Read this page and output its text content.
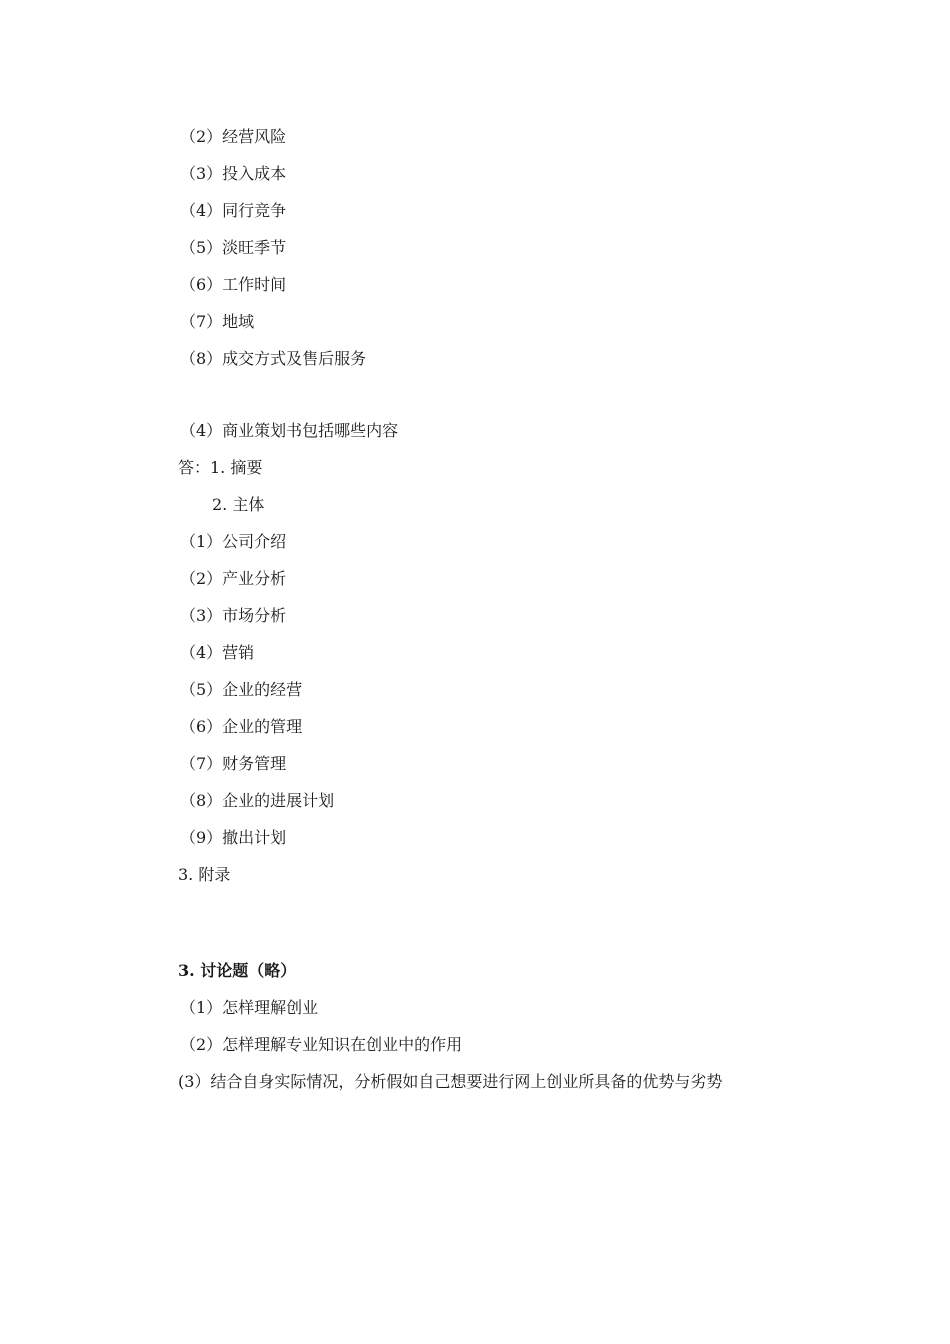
（2）经营风险
（3）投入成本
（4）同行竞争
（5）淡旺季节
（6）工作时间
（7）地域
（8）成交方式及售后服务
（4）商业策划书包括哪些内容
答：1. 摘要
2. 主体
（1）公司介绍
（2）产业分析
（3）市场分析
（4）营销
（5）企业的经营
（6）企业的管理
（7）财务管理
（8）企业的进展计划
（9）撤出计划
3. 附录
3. 讨论题（略）
（1）怎样理解创业
（2）怎样理解专业知识在创业中的作用
(3）结合自身实际情况，分析假如自己想要进行网上创业所具备的优势与劣势
